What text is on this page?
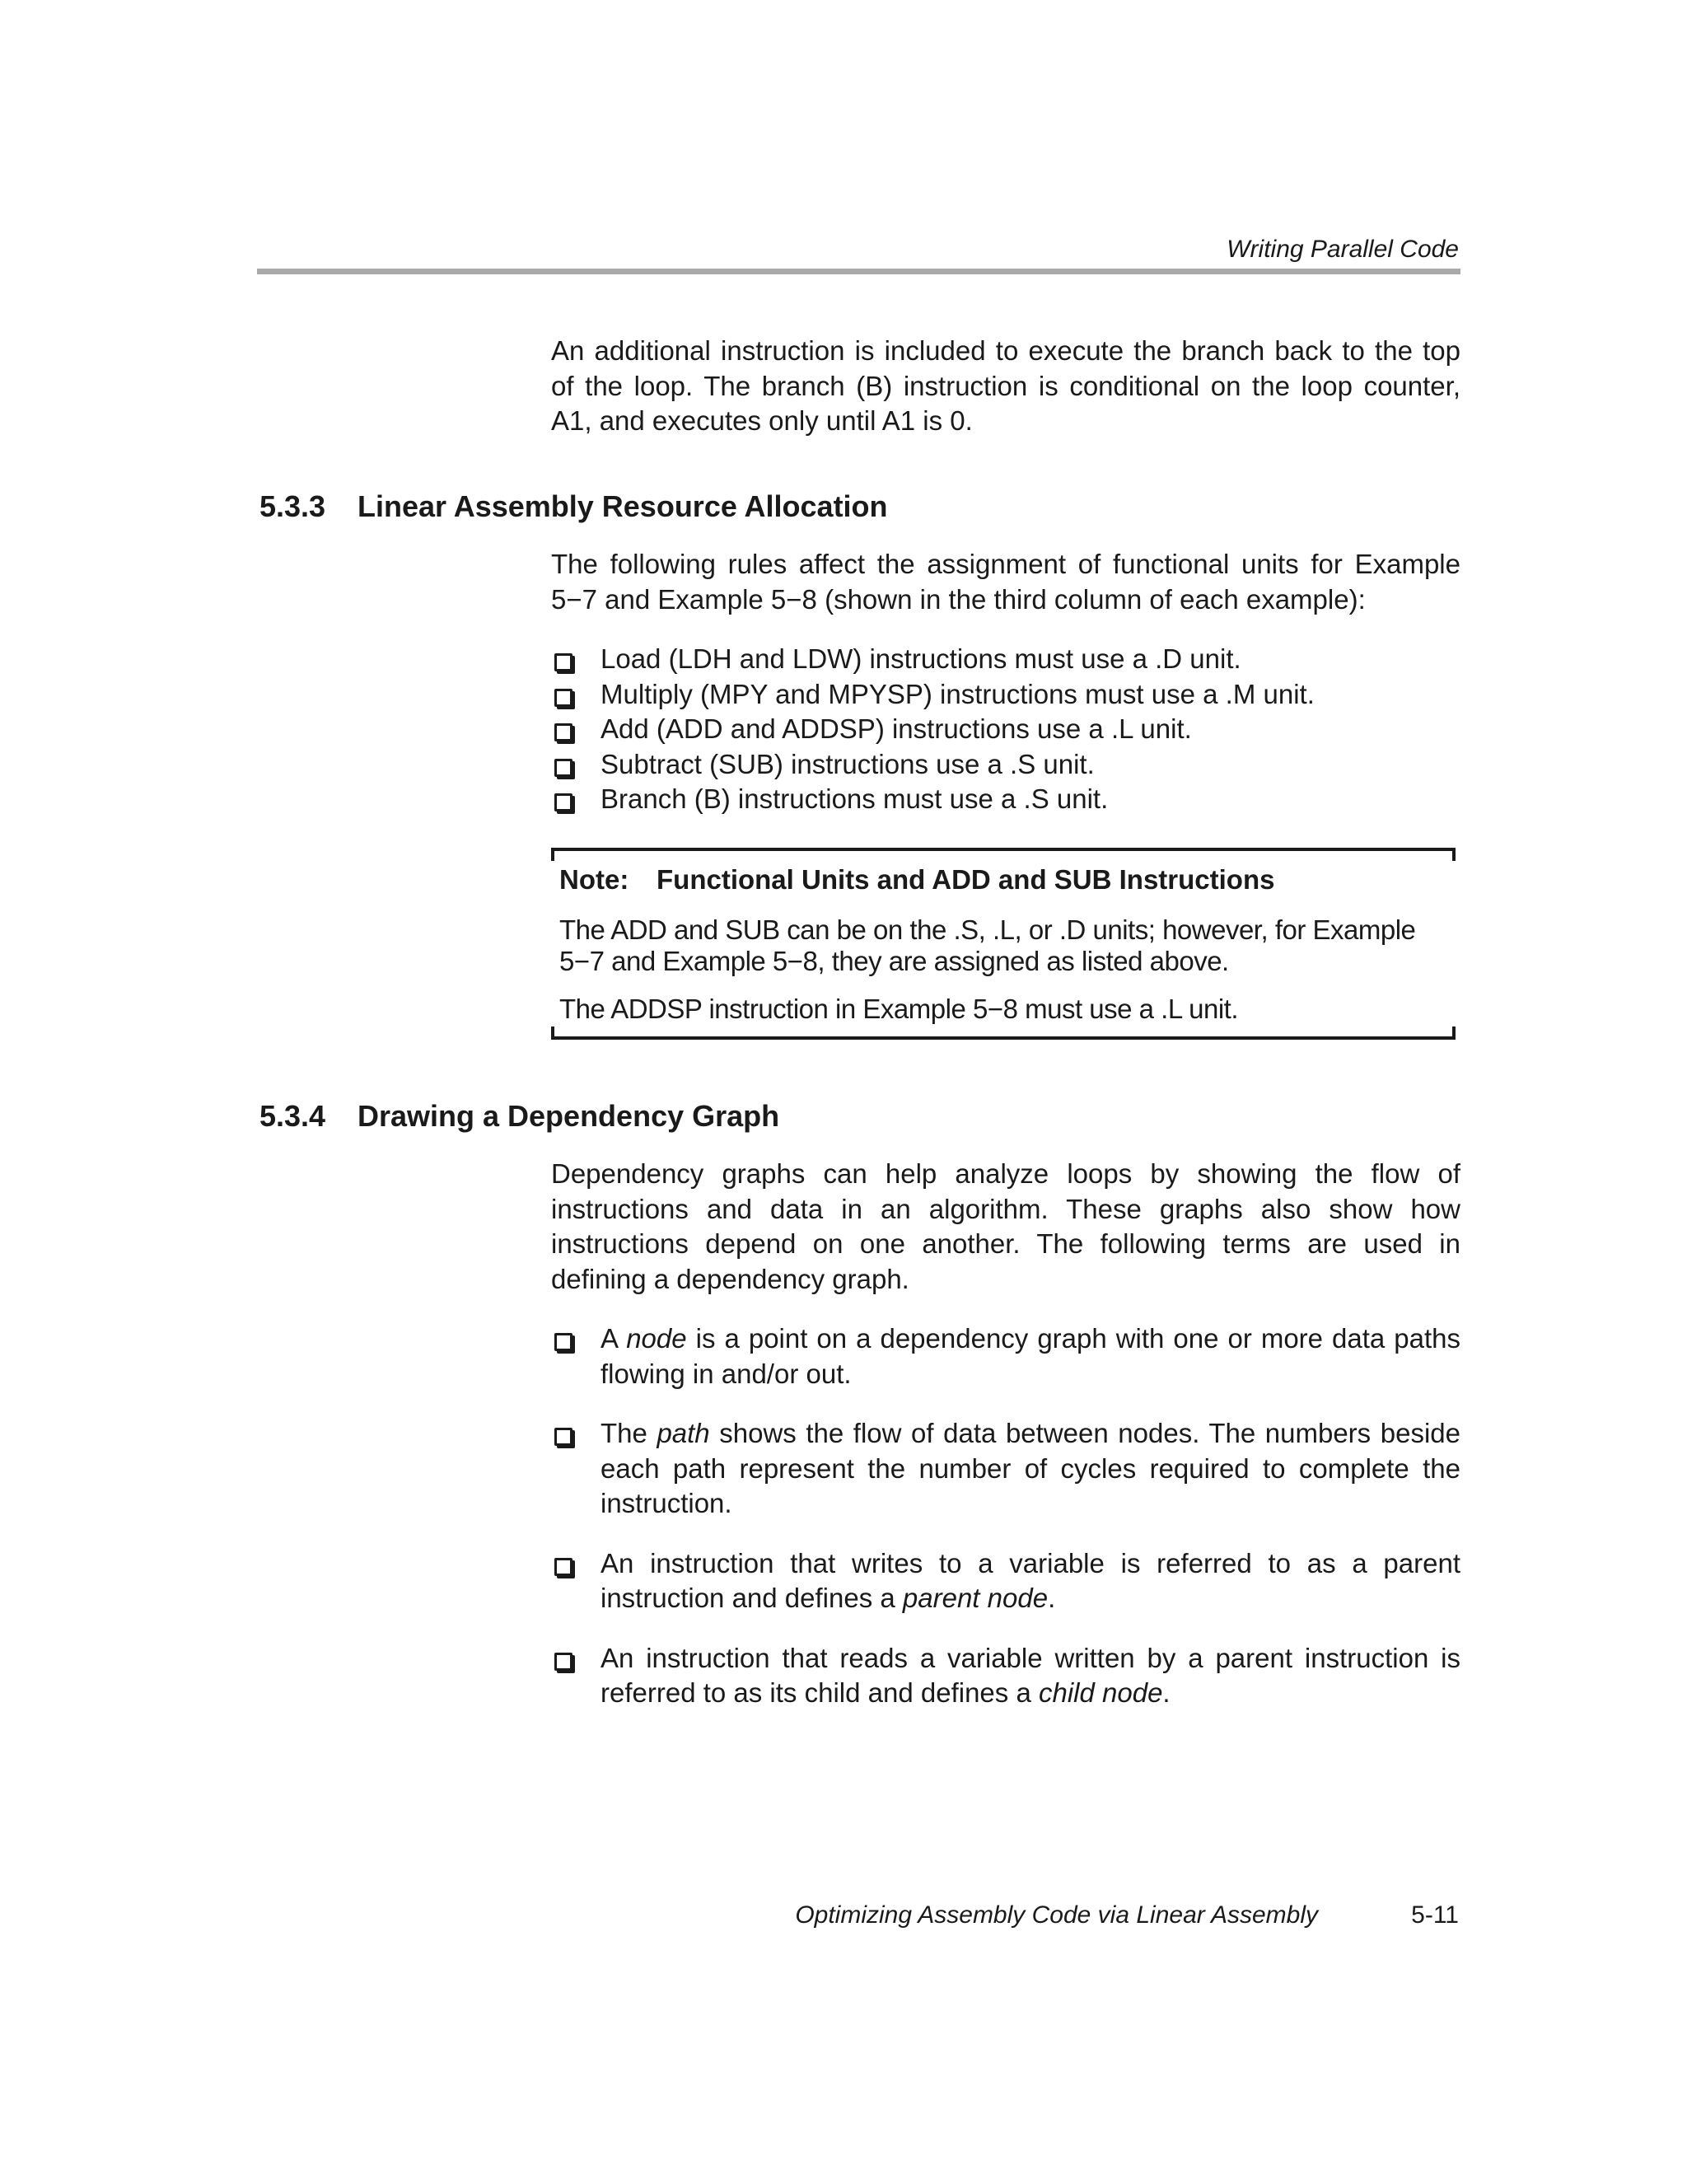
Writing Parallel Code
An additional instruction is included to execute the branch back to the top of the loop. The branch (B) instruction is conditional on the loop counter, A1, and executes only until A1 is 0.
5.3.3 Linear Assembly Resource Allocation
The following rules affect the assignment of functional units for Example 5−7 and Example 5−8 (shown in the third column of each example):
Load (LDH and LDW) instructions must use a .D unit.
Multiply (MPY and MPYSP) instructions must use a .M unit.
Add (ADD and ADDSP) instructions use a .L unit.
Subtract (SUB) instructions use a .S unit.
Branch (B) instructions must use a .S unit.
Note: Functional Units and ADD and SUB Instructions
The ADD and SUB can be on the .S, .L, or .D units; however, for Example 5−7 and Example 5−8, they are assigned as listed above.
The ADDSP instruction in Example 5−8 must use a .L unit.
5.3.4 Drawing a Dependency Graph
Dependency graphs can help analyze loops by showing the flow of instructions and data in an algorithm. These graphs also show how instructions depend on one another. The following terms are used in defining a dependency graph.
A node is a point on a dependency graph with one or more data paths flowing in and/or out.
The path shows the flow of data between nodes. The numbers beside each path represent the number of cycles required to complete the instruction.
An instruction that writes to a variable is referred to as a parent instruction and defines a parent node.
An instruction that reads a variable written by a parent instruction is referred to as its child and defines a child node.
Optimizing Assembly Code via Linear Assembly	5-11
